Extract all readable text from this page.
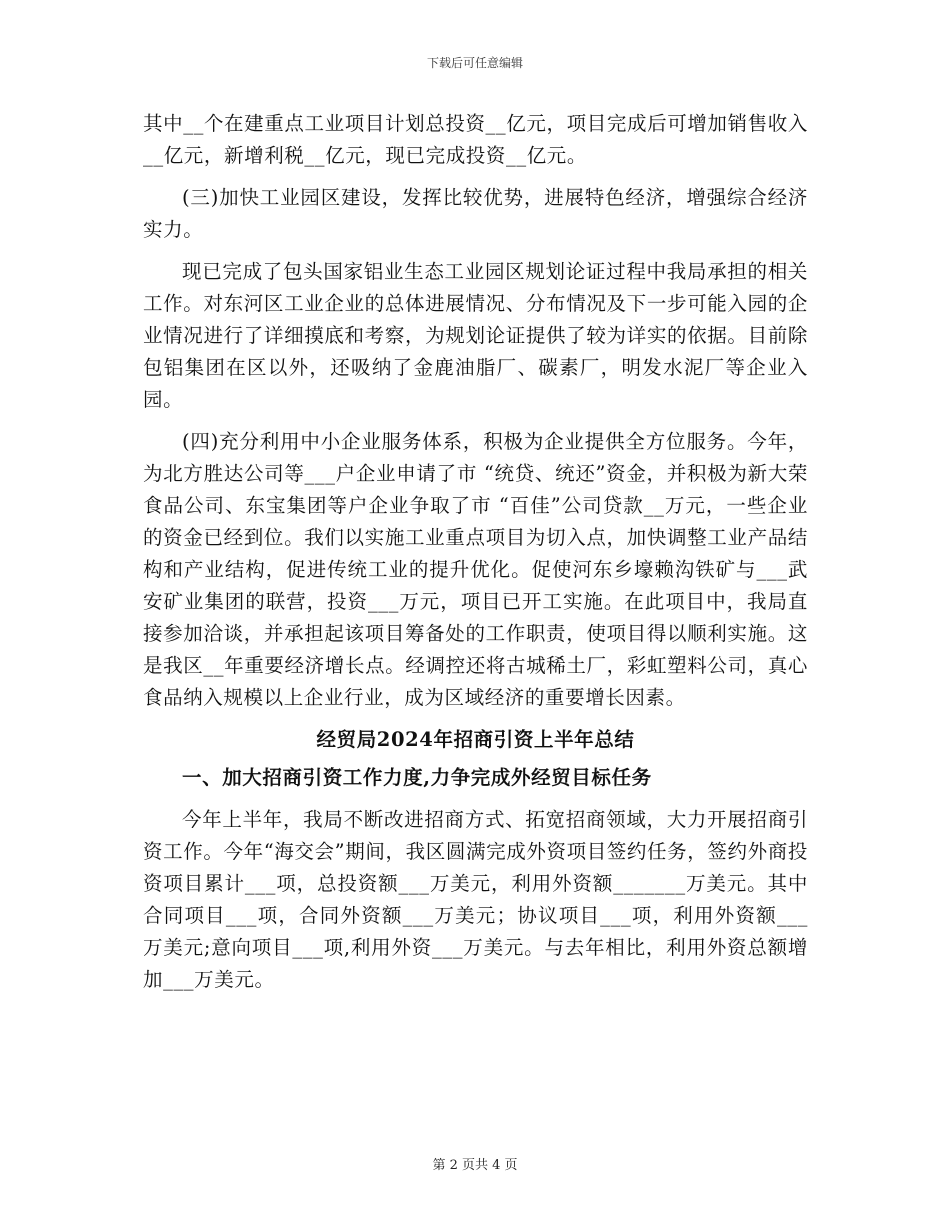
下载后可任意编辑

其中__个在建重点工业项目计划总投资__亿元，项目完成后可增加销售收入 __亿元，新增利税__亿元，现已完成投资__亿元。

(三)加快工业园区建设，发挥比较优势，进展特色经济，增强综合经济实力。

现已完成了包头国家铝业生态工业园区规划论证过程中我局承担的相关工作。对东河区工业企业的总体进展情况、分布情况及下一步可能入园的企业情况进行了详细摸底和考察，为规划论证提供了较为详实的依据。目前除包铝集团在区以外，还吸纳了金鹿油脂厂、碳素厂，明发水泥厂等企业入园。

(四)充分利用中小企业服务体系，积极为企业提供全方位服务。今年，为北方胜达公司等___户企业申请了市 “统贷、统还”资金，并积极为新大荣食品公司、东宝集团等户企业争取了市 “百佳”公司贷款__万元，一些企业的资金已经到位。我们以实施工业重点项目为切入点，加快调整工业产品结构和产业结构，促进传统工业的提升优化。促使河东乡壕赖沟铁矿与___武安矿业集团的联营，投资___万元，项目已开工实施。在此项目中，我局直接参加洽谈，并承担起该项目筹备处的工作职责，使项目得以顺利实施。这是我区__年重要经济增长点。经调控还将古城稀土厂，彩虹塑料公司，真心食品纳入规模以上企业行业，成为区域经济的重要增长因素。

经贸局2024年招商引资上半年总结
一、加大招商引资工作力度,力争完成外经贸目标任务

今年上半年，我局不断改进招商方式、拓宽招商领域，大力开展招商引资工作。今年“海交会”期间，我区圆满完成外资项目签约任务，签约外商投资项目累计___项，总投资额___万美元，利用外资额_______万美元。其中合同项目___项，合同外资额___万美元；协议项目___项，利用外资额___万美元;意向项目___项,利用外资___万美元。与去年相比，利用外资总额增加___万美元。

第 2 页共 4 页
